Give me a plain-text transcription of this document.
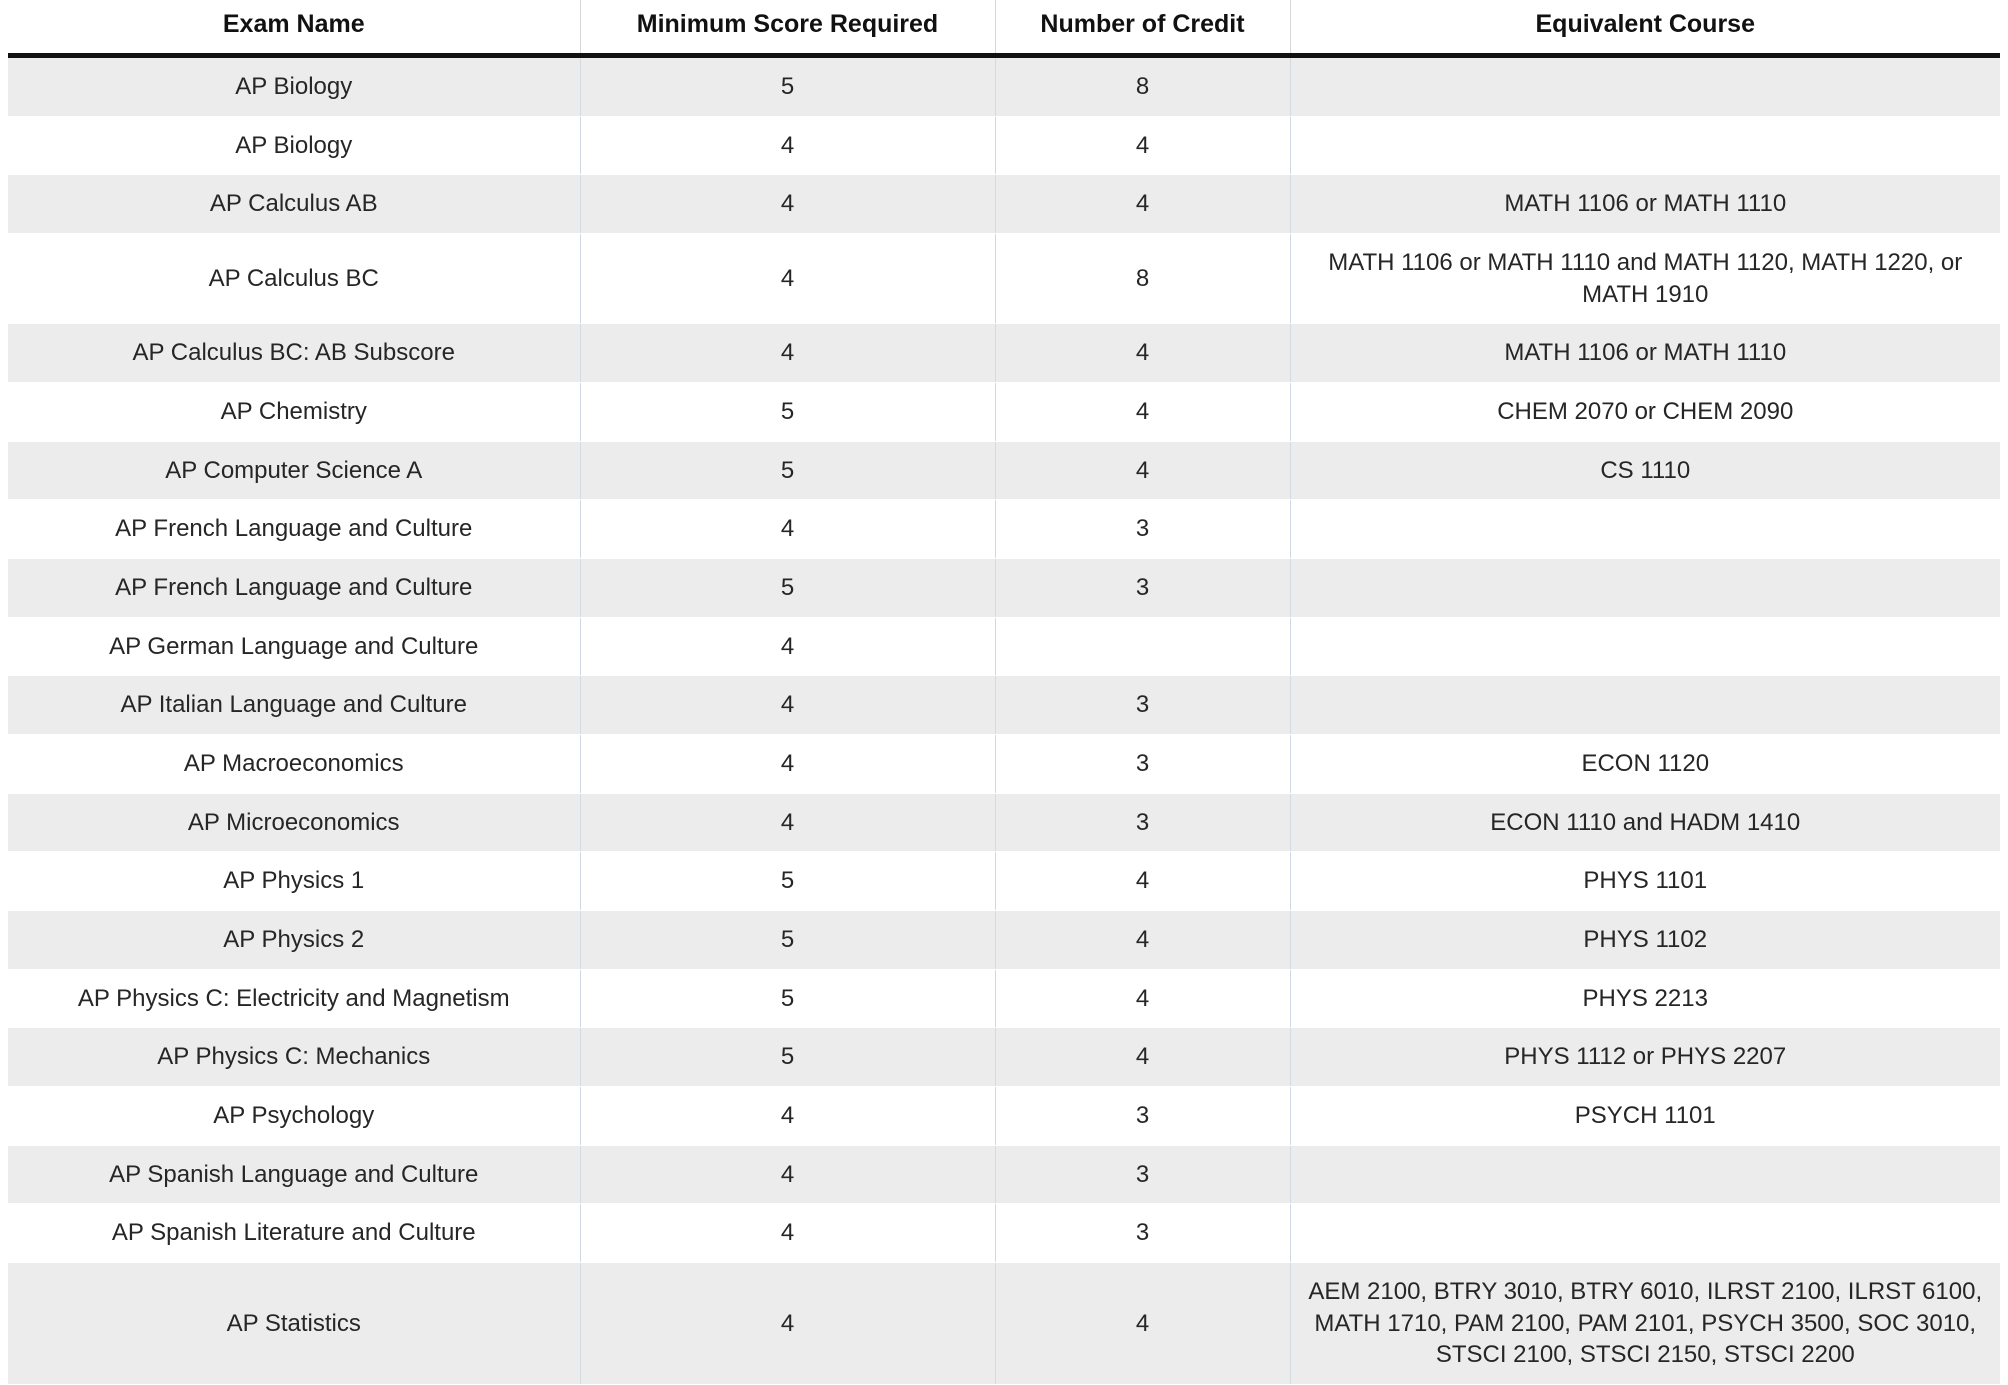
Exam Name	Minimum Score Required	Number of Credit	Equivalent Course
AP Biology	5	8	
AP Biology	4	4	
AP Calculus AB	4	4	MATH 1106 or MATH 1110
AP Calculus BC	4	8	MATH 1106 or MATH 1110 and MATH 1120, MATH 1220, or MATH 1910
AP Calculus BC: AB Subscore	4	4	MATH 1106 or MATH 1110
AP Chemistry	5	4	CHEM 2070 or CHEM 2090
AP Computer Science A	5	4	CS 1110
AP French Language and Culture	4	3	
AP French Language and Culture	5	3	
AP German Language and Culture	4		
AP Italian Language and Culture	4	3	
AP Macroeconomics	4	3	ECON 1120
AP Microeconomics	4	3	ECON 1110 and HADM 1410
AP Physics 1	5	4	PHYS 1101
AP Physics 2	5	4	PHYS 1102
AP Physics C: Electricity and Magnetism	5	4	PHYS 2213
AP Physics C: Mechanics	5	4	PHYS 1112 or PHYS 2207
AP Psychology	4	3	PSYCH 1101
AP Spanish Language and Culture	4	3	
AP Spanish Literature and Culture	4	3	
AP Statistics	4	4	AEM 2100, BTRY 3010, BTRY 6010, ILRST 2100, ILRST 6100, MATH 1710, PAM 2100, PAM 2101, PSYCH 3500, SOC 3010, STSCI 2100, STSCI 2150, STSCI 2200
